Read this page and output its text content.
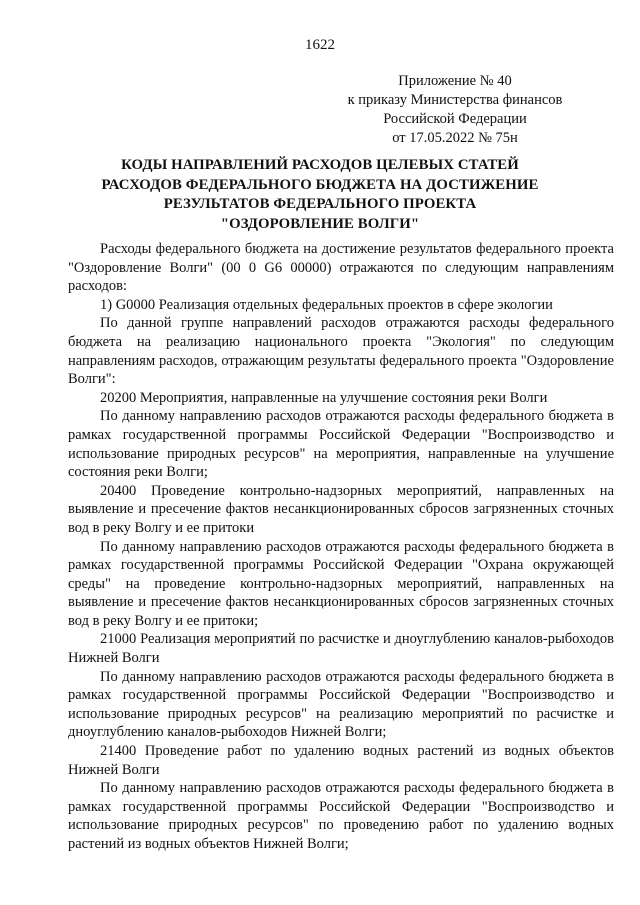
1622
Приложение № 40
к приказу Министерства финансов
Российской Федерации
от 17.05.2022 № 75н
КОДЫ НАПРАВЛЕНИЙ РАСХОДОВ ЦЕЛЕВЫХ СТАТЕЙ
РАСХОДОВ ФЕДЕРАЛЬНОГО БЮДЖЕТА НА ДОСТИЖЕНИЕ
РЕЗУЛЬТАТОВ ФЕДЕРАЛЬНОГО ПРОЕКТА
"ОЗДОРОВЛЕНИЕ ВОЛГИ"

Расходы федерального бюджета на достижение результатов федерального проекта "Оздоровление Волги" (00 0 G6 00000) отражаются по следующим направлениям расходов:

1) G0000 Реализация отдельных федеральных проектов в сфере экологии

По данной группе направлений расходов отражаются расходы федерального бюджета на реализацию национального проекта "Экология" по следующим направлениям расходов, отражающим результаты федерального проекта "Оздоровление Волги":

20200 Мероприятия, направленные на улучшение состояния реки Волги

По данному направлению расходов отражаются расходы федерального бюджета в рамках государственной программы Российской Федерации "Воспроизводство и использование природных ресурсов" на мероприятия, направленные на улучшение состояния реки Волги;

20400 Проведение контрольно-надзорных мероприятий, направленных на выявление и пресечение фактов несанкционированных сбросов загрязненных сточных вод в реку Волгу и ее притоки

По данному направлению расходов отражаются расходы федерального бюджета в рамках государственной программы Российской Федерации "Охрана окружающей среды" на проведение контрольно-надзорных мероприятий, направленных на выявление и пресечение фактов несанкционированных сбросов загрязненных сточных вод в реку Волгу и ее притоки;

21000 Реализация мероприятий по расчистке и дноуглублению каналов-рыбоходов Нижней Волги

По данному направлению расходов отражаются расходы федерального бюджета в рамках государственной программы Российской Федерации "Воспроизводство и использование природных ресурсов" на реализацию мероприятий по расчистке и дноуглублению каналов-рыбоходов Нижней Волги;

21400 Проведение работ по удалению водных растений из водных объектов Нижней Волги

По данному направлению расходов отражаются расходы федерального бюджета в рамках государственной программы Российской Федерации "Воспроизводство и использование природных ресурсов" по проведению работ по удалению водных растений из водных объектов Нижней Волги;
